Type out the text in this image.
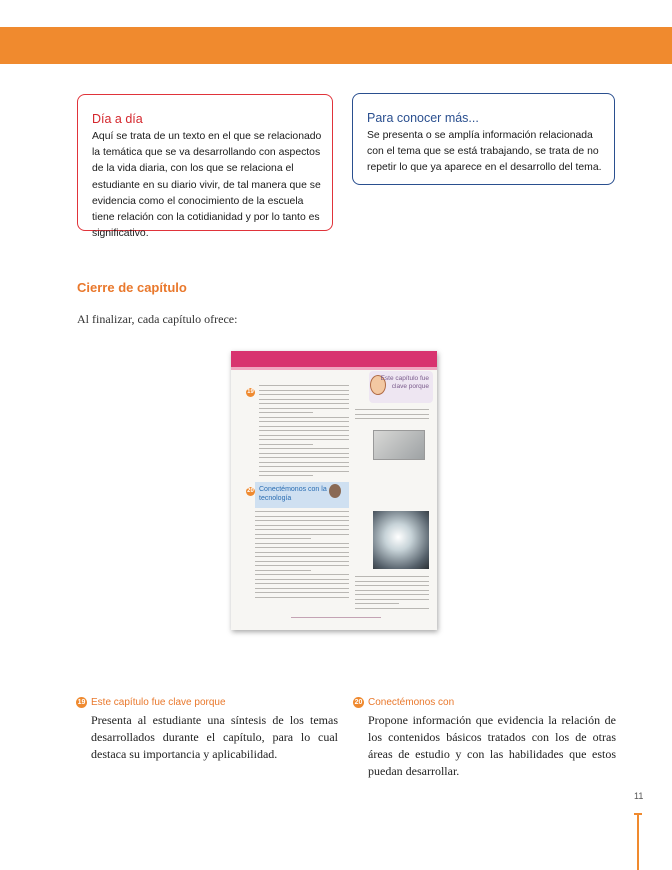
Día a día

Aquí se trata de un texto en el que se relacionado la temática que se va desarrollando con aspectos de la vida diaria, con los que se relaciona el estudiante en su diario vivir, de tal manera que se evidencia como el conocimiento de la escuela tiene relación con la cotidianidad y por lo tanto es significativo.

Para conocer más...

Se presenta o se amplía información relacionada con el tema que se está trabajando, se trata de no repetir lo que ya aparece en el desarrollo del tema.

Cierre de capítulo

Al finalizar, cada capítulo ofrece:

Este capítulo fue clave porque
19
20 Conectémonos con la tecnología
19 Este capítulo fue clave porque

Presenta al estudiante una síntesis de los temas desarrollados durante el capítulo, para lo cual destaca su importancia y aplicabilidad.

20 Conectémonos con

Propone información que evidencia la relación de los contenidos básicos tratados con los de otras áreas de estudio y con las habilidades que estos puedan desarrollar.

11
